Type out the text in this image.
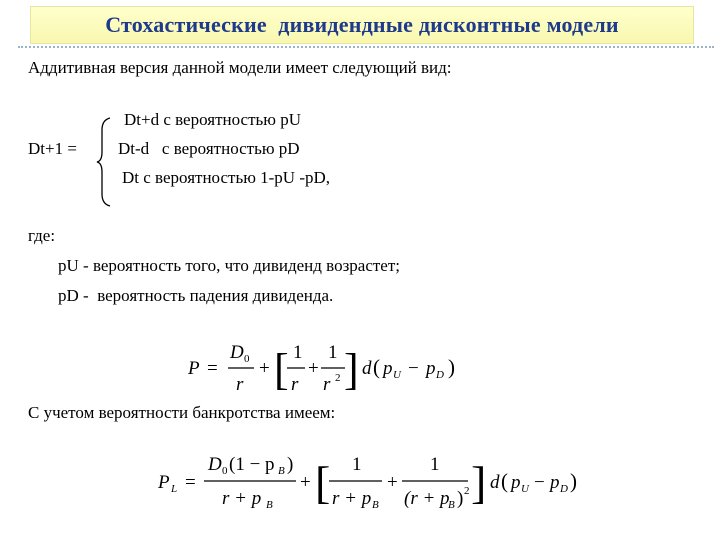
Стохастические  дивидендные дисконтные модели
Аддитивная версия данной модели имеет следующий вид:
Dt+1 =
Dt+d с вероятностью pU
Dt-d   с вероятностью pD
Dt с вероятностью 1-pU -pD,
где:
pU - вероятность того, что дивиденд возрастет;
pD -  вероятность падения дивиденда.
P =
D 0
r
+ [ 1
r
+
1
r 2 ] d ( p U − p D )
С учетом вероятности банкротства имеем:
P L =
D 0 (1 − p B )
r + p B
+ [ 1
r + p B
+
1
(r + p
B ) 2 ] d ( p U − p D )
